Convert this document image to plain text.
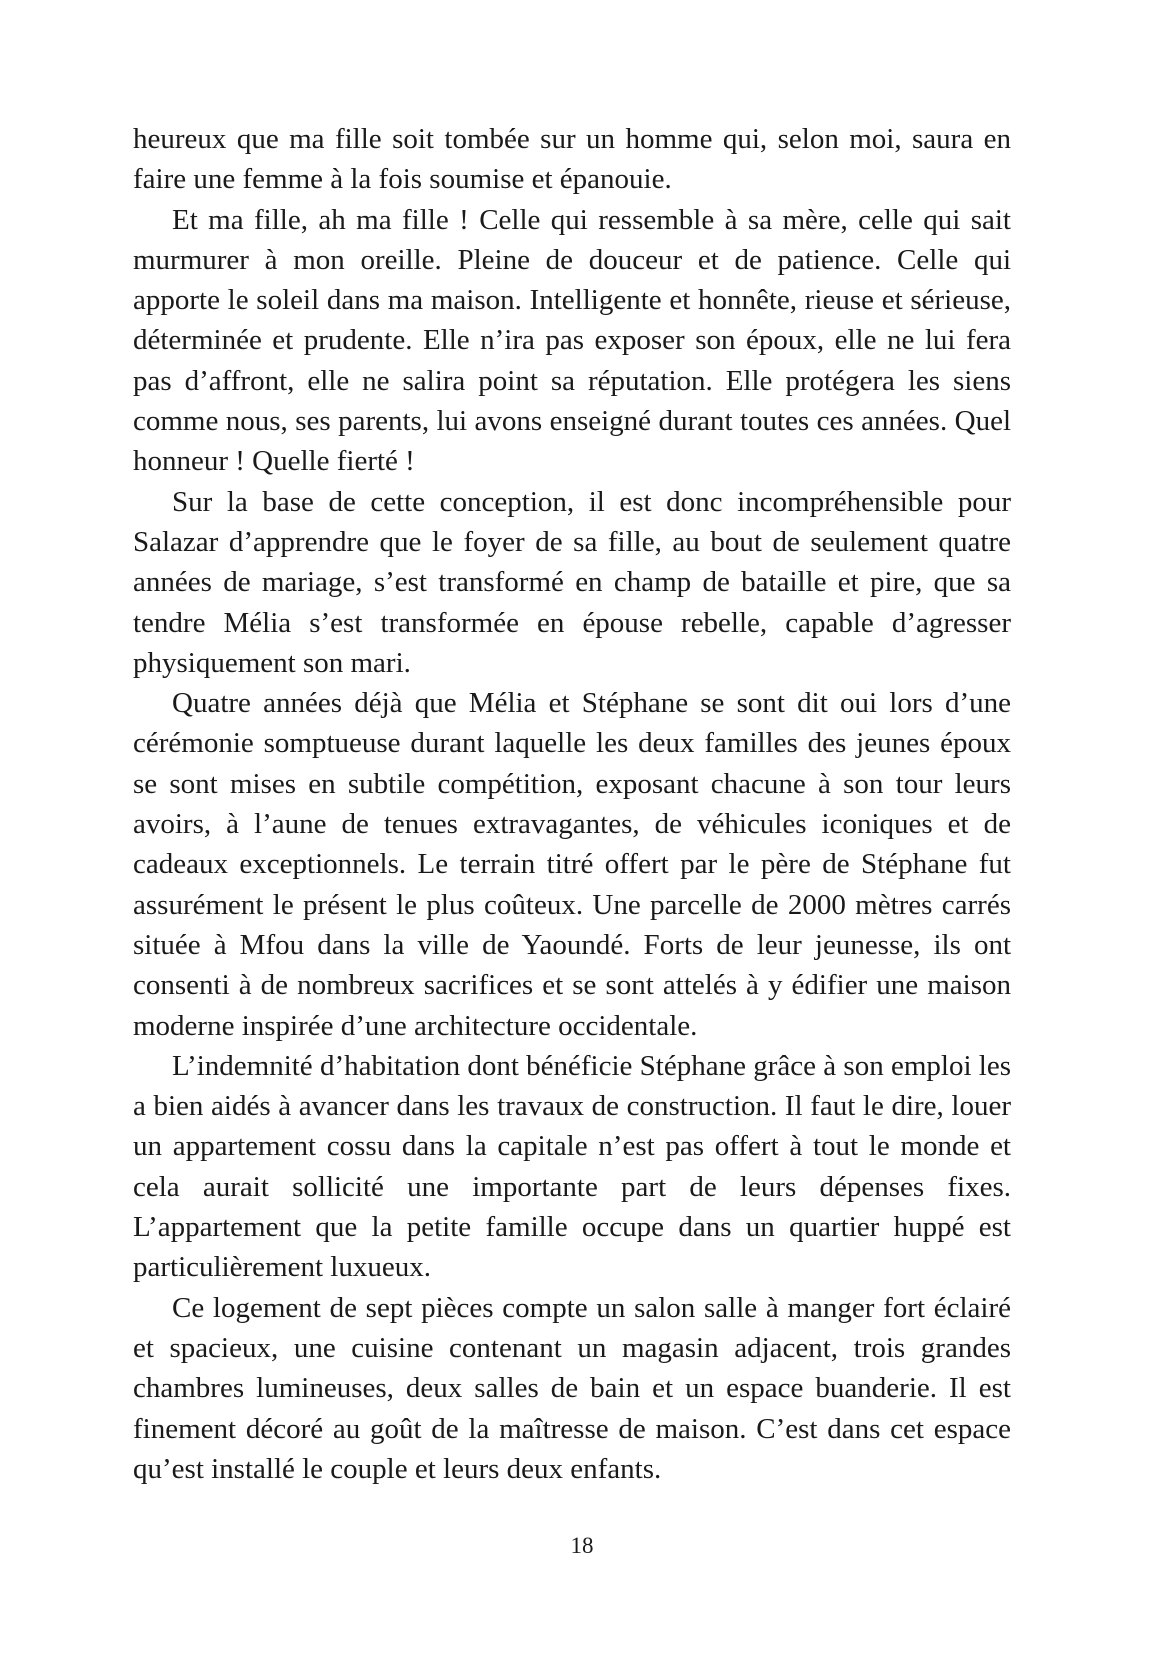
heureux que ma fille soit tombée sur un homme qui, selon moi, saura en faire une femme à la fois soumise et épanouie.

Et ma fille, ah ma fille ! Celle qui ressemble à sa mère, celle qui sait murmurer à mon oreille. Pleine de douceur et de patience. Celle qui apporte le soleil dans ma maison. Intelligente et honnête, rieuse et sérieuse, déterminée et prudente. Elle n’ira pas exposer son époux, elle ne lui fera pas d’affront, elle ne salira point sa réputation. Elle protégera les siens comme nous, ses parents, lui avons enseigné durant toutes ces années. Quel honneur ! Quelle fierté !

Sur la base de cette conception, il est donc incompréhensible pour Salazar d’apprendre que le foyer de sa fille, au bout de seulement quatre années de mariage, s’est transformé en champ de bataille et pire, que sa tendre Mélia s’est transformée en épouse rebelle, capable d’agresser physiquement son mari.

Quatre années déjà que Mélia et Stéphane se sont dit oui lors d’une cérémonie somptueuse durant laquelle les deux familles des jeunes époux se sont mises en subtile compétition, exposant chacune à son tour leurs avoirs, à l’aune de tenues extravagantes, de véhicules iconiques et de cadeaux exceptionnels. Le terrain titré offert par le père de Stéphane fut assurément le présent le plus coûteux. Une parcelle de 2000 mètres carrés située à Mfou dans la ville de Yaoundé. Forts de leur jeunesse, ils ont consenti à de nombreux sacrifices et se sont attelés à y édifier une maison moderne inspirée d’une architecture occidentale.

L’indemnité d’habitation dont bénéficie Stéphane grâce à son emploi les a bien aidés à avancer dans les travaux de construction. Il faut le dire, louer un appartement cossu dans la capitale n’est pas offert à tout le monde et cela aurait sollicité une importante part de leurs dépenses fixes. L’appartement que la petite famille occupe dans un quartier huppé est particulièrement luxueux.

Ce logement de sept pièces compte un salon salle à manger fort éclairé et spacieux, une cuisine contenant un magasin adjacent, trois grandes chambres lumineuses, deux salles de bain et un espace buanderie. Il est finement décoré au goût de la maîtresse de maison. C’est dans cet espace qu’est installé le couple et leurs deux enfants.

18
